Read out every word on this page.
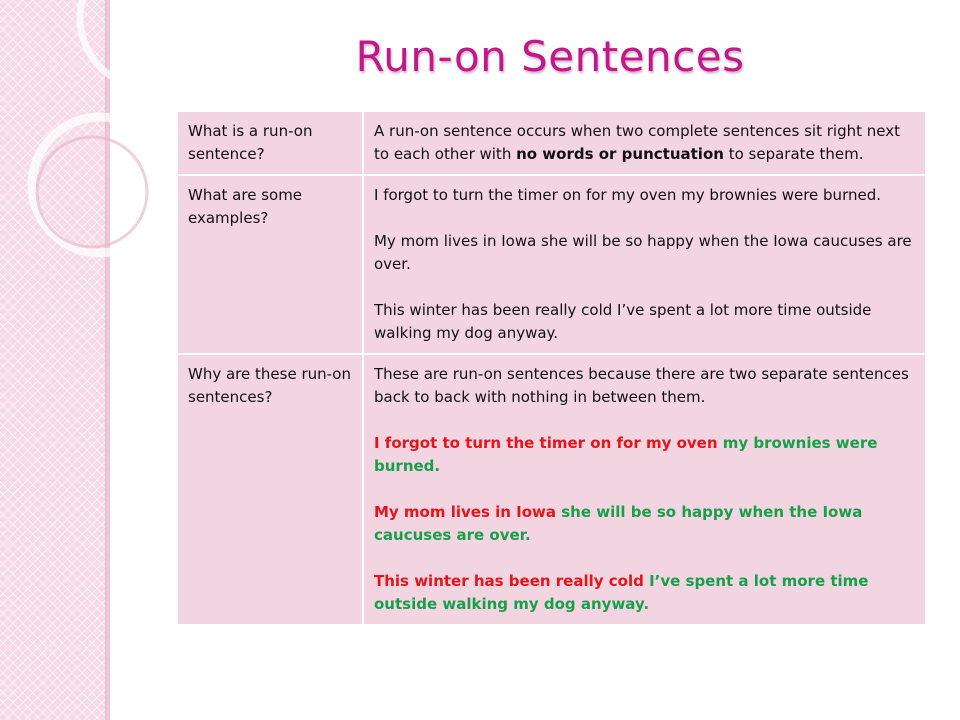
Run-on Sentences
What is a run-on sentence?	A run-on sentence occurs when two complete sentences sit right next to each other with no words or punctuation to separate them.
What are some examples?	I forgot to turn the timer on for my oven my brownies were burned.

My mom lives in Iowa she will be so happy when the Iowa caucuses are over.

This winter has been really cold I’ve spent a lot more time outside walking my dog anyway.

Why are these run-on sentences?	These are run-on sentences because there are two separate sentences back to back with nothing in between them.

I forgot to turn the timer on for my oven my brownies were burned.

My mom lives in Iowa she will be so happy when the Iowa caucuses are over.

This winter has been really cold I’ve spent a lot more time outside walking my dog anyway.
